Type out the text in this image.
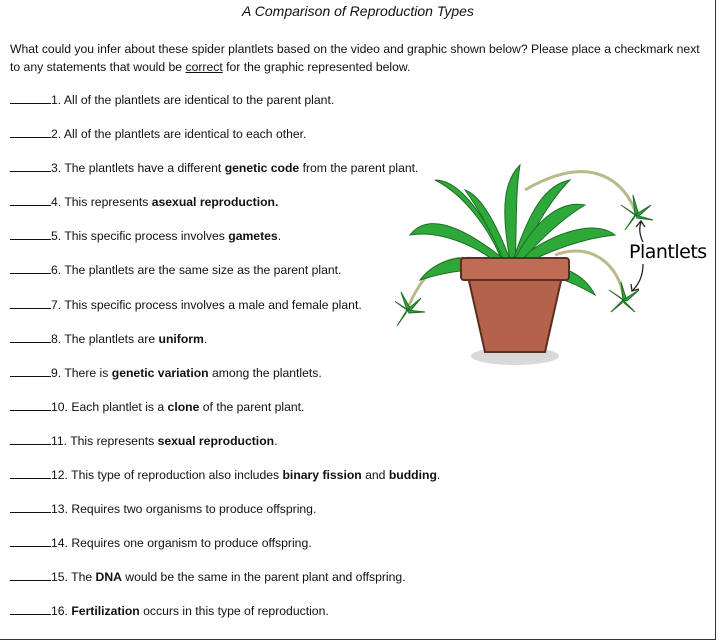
A Comparison of Reproduction Types
What could you infer about these spider plantlets based on the video and graphic shown below? Please place a checkmark next to any statements that would be correct for the graphic represented below.
1. All of the plantlets are identical to the parent plant.
2. All of the plantlets are identical to each other.
3. The plantlets have a different genetic code from the parent plant.
4. This represents asexual reproduction.
5. This specific process involves gametes.
6. The plantlets are the same size as the parent plant.
7. This specific process involves a male and female plant.
8. The plantlets are uniform.
9. There is genetic variation among the plantlets.
10. Each plantlet is a clone of the parent plant.
11. This represents sexual reproduction.
12. This type of reproduction also includes binary fission and budding.
13. Requires two organisms to produce offspring.
14. Requires one organism to produce offspring.
15. The DNA would be the same in the parent plant and offspring.
16. Fertilization occurs in this type of reproduction.
Plantlets
